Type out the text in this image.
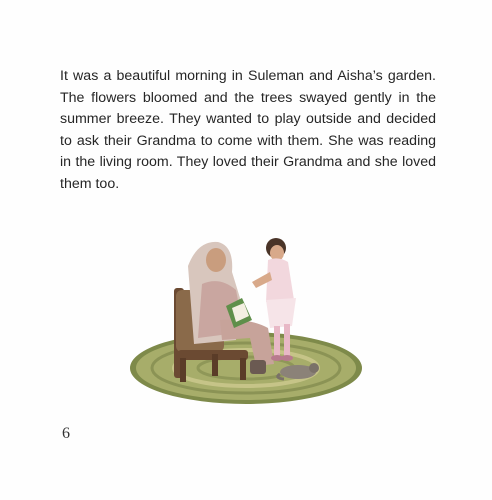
It was a beautiful morning in Suleman and Aisha’s garden. The flowers bloomed and the trees swayed gently in the summer breeze. They wanted to play outside and decided to ask their Grandma to come with them. She was reading in the living room. They loved their Grandma and she loved them too.

6
